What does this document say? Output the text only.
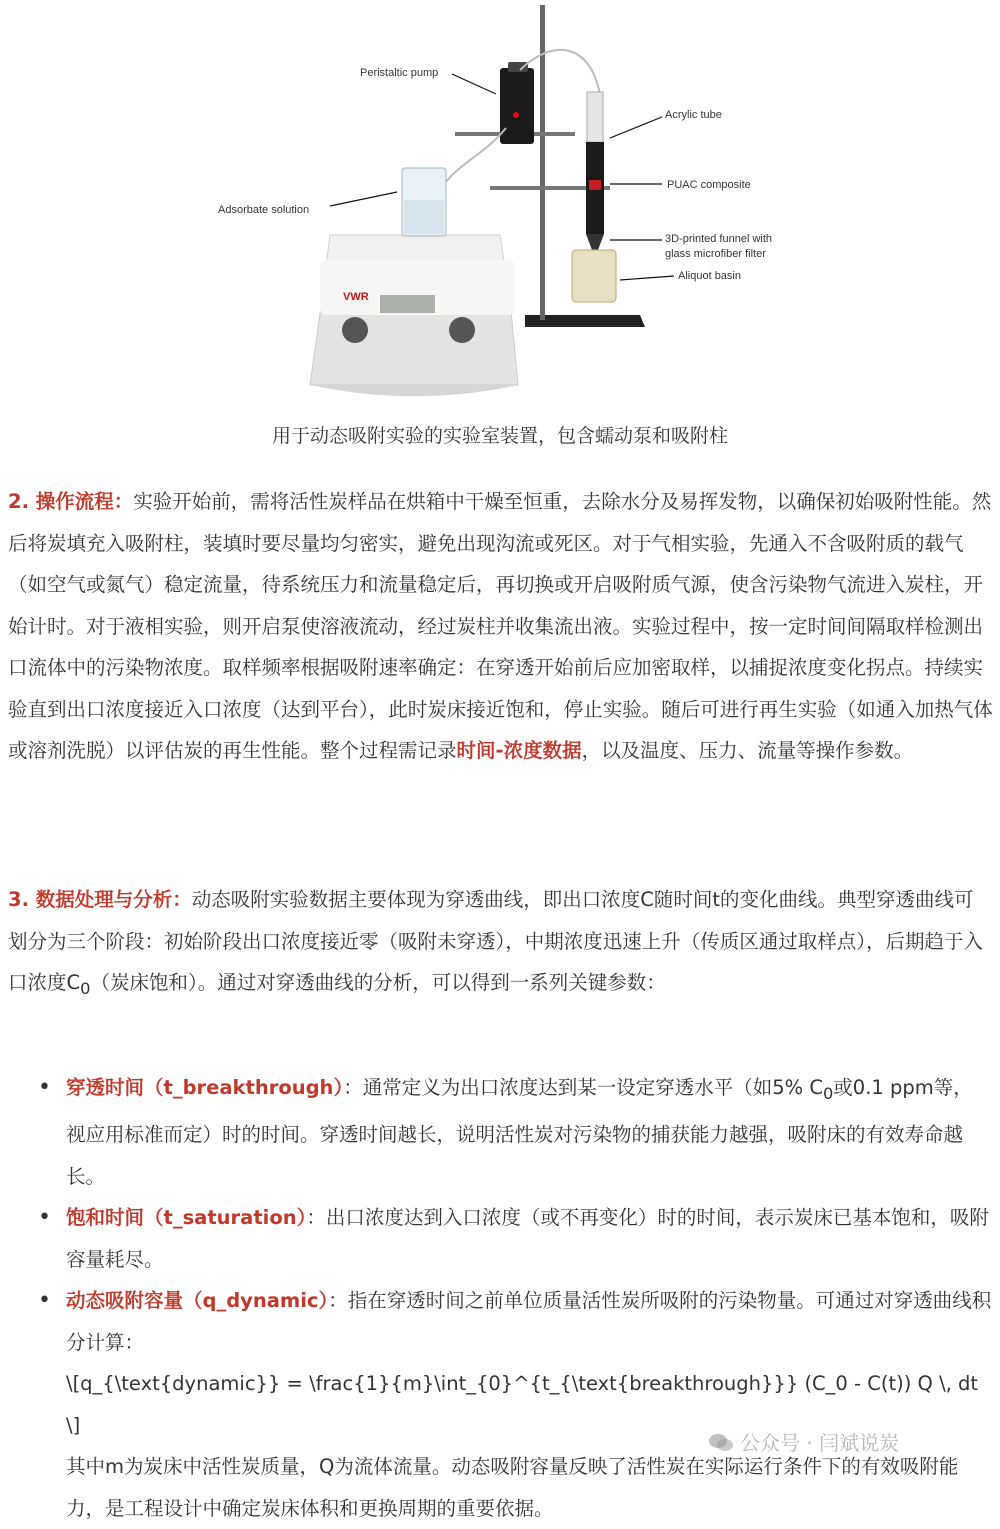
VWR
Peristaltic pump
Acrylic tube
PUAC composite
3D-printed funnel with
glass microfiber filter
Aliquot basin
Adsorbate solution
用于动态吸附实验的实验室装置，包含蠕动泵和吸附柱
2. 操作流程：实验开始前，需将活性炭样品在烘箱中干燥至恒重，去除水分及易挥发物，以确保初始吸附性能。然后将炭填充入吸附柱，装填时要尽量均匀密实，避免出现沟流或死区。对于气相实验，先通入不含吸附质的载气（如空气或氮气）稳定流量，待系统压力和流量稳定后，再切换或开启吸附质气源，使含污染物气流进入炭柱，开始计时。对于液相实验，则开启泵使溶液流动，经过炭柱并收集流出液。实验过程中，按一定时间间隔取样检测出口流体中的污染物浓度。取样频率根据吸附速率确定：在穿透开始前后应加密取样，以捕捉浓度变化拐点。持续实验直到出口浓度接近入口浓度（达到平台），此时炭床接近饱和，停止实验。随后可进行再生实验（如通入加热气体或溶剂洗脱）以评估炭的再生性能。整个过程需记录时间-浓度数据，以及温度、压力、流量等操作参数。
3. 数据处理与分析：动态吸附实验数据主要体现为穿透曲线，即出口浓度C随时间t的变化曲线。典型穿透曲线可划分为三个阶段：初始阶段出口浓度接近零（吸附未穿透），中期浓度迅速上升（传质区通过取样点），后期趋于入口浓度$C_0$（炭床饱和）。通过对穿透曲线的分析，可以得到一系列关键参数：
• 穿透时间（t_breakthrough）：通常定义为出口浓度达到某一设定穿透水平（如5% $C_0$或0.1 ppm等，视应用标准而定）时的时间。穿透时间越长，说明活性炭对污染物的捕获能力越强，吸附床的有效寿命越长。
• 饱和时间（t_saturation）：出口浓度达到入口浓度（或不再变化）时的时间，表示炭床已基本饱和，吸附容量耗尽。
• 动态吸附容量（q_dynamic）：指在穿透时间之前单位质量活性炭所吸附的污染物量。可通过对穿透曲线积分计算：
\[q_{\text{dynamic}} = \frac{1}{m}\int_{0}^{t_{\text{breakthrough}}} (C_0 - C(t)) Q \, dt\]
其中m为炭床中活性炭质量，Q为流体流量。动态吸附容量反映了活性炭在实际运行条件下的有效吸附能力，是工程设计中确定炭床体积和更换周期的重要依据。
公众号 · 闫斌说炭
